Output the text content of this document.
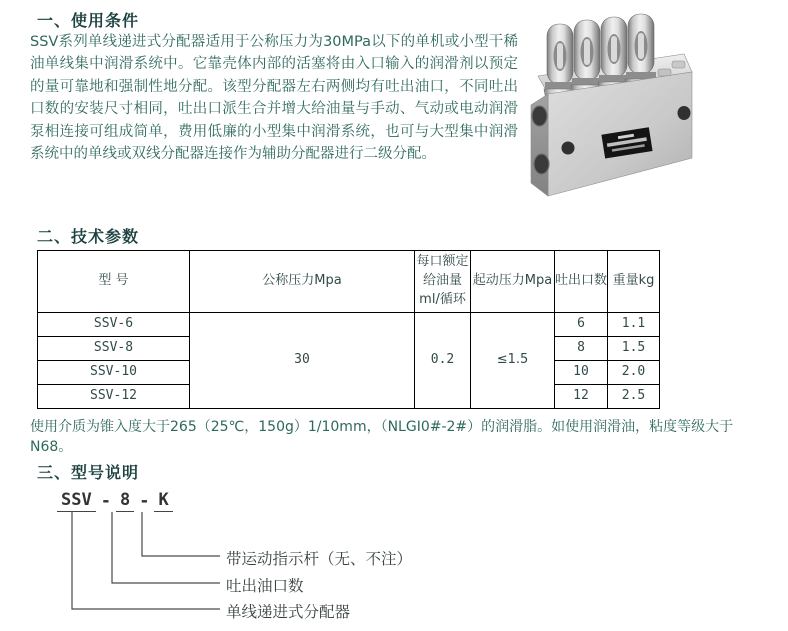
一、使用条件

SSV系列单线递进式分配器适用于公称压力为30MPa以下的单机或小型干稀油单线集中润滑系统中。它靠壳体内部的活塞将由入口输入的润滑剂以预定的量可靠地和强制性地分配。该型分配器左右两侧均有吐出油口，不同吐出口数的安装尺寸相同，吐出口派生合并增大给油量与手动、气动或电动润滑泵相连接可组成简单，费用低廉的小型集中润滑系统，也可与大型集中润滑系统中的单线或双线分配器连接作为辅助分配器进行二级分配。

二、技术参数
型 号	公称压力Mpa	每口额定给油量ml/循环	起动压力Mpa	吐出口数	重量kg
SSV-6	30	0.2	≤1.5	6	1.1
SSV-8				8	1.5
SSV-10				10	2.0
SSV-12				12	2.5

使用介质为锥入度大于265（25℃，150g）1/10mm，（NLGI0#-2#）的润滑脂。如使用润滑油，粘度等级大于N68。

三、型号说明
SSV - 8 - K
带运动指示杆（无、不注）
吐出油口数
单线递进式分配器
